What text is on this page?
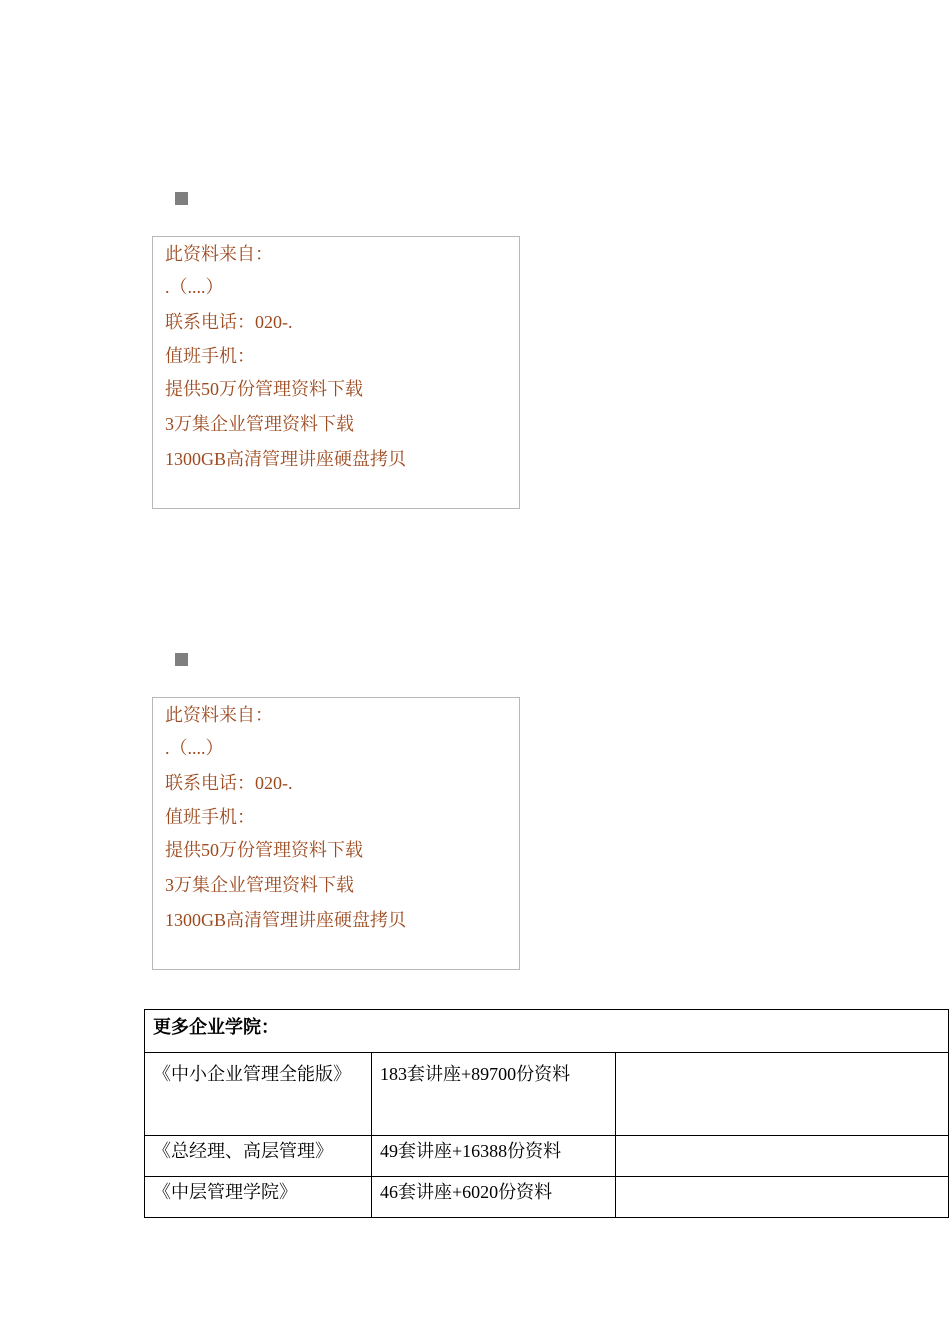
此资料来自：
.（....）
联系电话：020-.
值班手机：
提供50万份管理资料下载
3万集企业管理资料下载
1300GB高清管理讲座硬盘拷贝
此资料来自：
.（....）
联系电话：020-.
值班手机：
提供50万份管理资料下载
3万集企业管理资料下载
1300GB高清管理讲座硬盘拷贝
更多企业学院：		
《中小企业管理全能版》	183套讲座+89700份资料	
《总经理、高层管理》	49套讲座+16388份资料	
《中层管理学院》	46套讲座+6020份资料	
